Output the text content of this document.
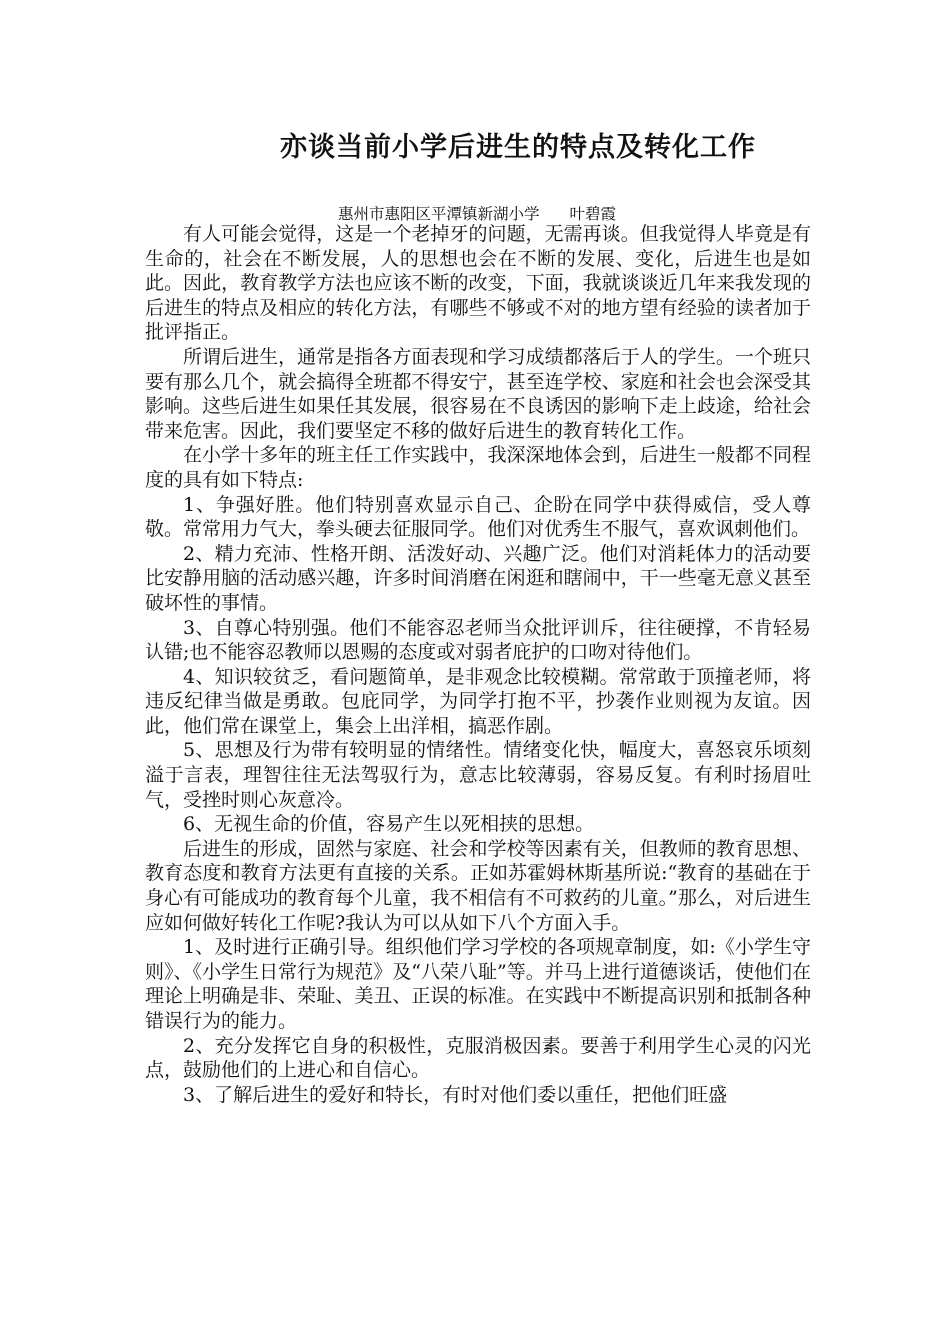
亦谈当前小学后进生的特点及转化工作
惠州市惠阳区平潭镇新湖小学 叶碧霞

有人可能会觉得，这是一个老掉牙的问题，无需再谈。但我觉得人毕竟是有生命的，社会在不断发展，人的思想也会在不断的发展、变化，后进生也是如此。因此，教育教学方法也应该不断的改变，下面，我就谈谈近几年来我发现的后进生的特点及相应的转化方法，有哪些不够或不对的地方望有经验的读者加于批评指正。

所谓后进生，通常是指各方面表现和学习成绩都落后于人的学生。一个班只要有那么几个，就会搞得全班都不得安宁，甚至连学校、家庭和社会也会深受其影响。这些后进生如果任其发展，很容易在不良诱因的影响下走上歧途，给社会带来危害。因此，我们要坚定不移的做好后进生的教育转化工作。

在小学十多年的班主任工作实践中，我深深地体会到，后进生一般都不同程度的具有如下特点:

1、争强好胜。他们特别喜欢显示自己、企盼在同学中获得威信，受人尊敬。常常用力气大，拳头硬去征服同学。他们对优秀生不服气，喜欢讽刺他们。

2、精力充沛、性格开朗、活泼好动、兴趣广泛。他们对消耗体力的活动要比安静用脑的活动感兴趣，许多时间消磨在闲逛和瞎闹中，干一些毫无意义甚至破坏性的事情。

3、自尊心特别强。他们不能容忍老师当众批评训斥，往往硬撑，不肯轻易认错;也不能容忍教师以恩赐的态度或对弱者庇护的口吻对待他们。

4、知识较贫乏，看问题简单，是非观念比较模糊。常常敢于顶撞老师，将违反纪律当做是勇敢。包庇同学，为同学打抱不平，抄袭作业则视为友谊。因此，他们常在课堂上，集会上出洋相，搞恶作剧。

5、思想及行为带有较明显的情绪性。情绪变化快，幅度大，喜怒哀乐顷刻溢于言表，理智往往无法驾驭行为，意志比较薄弱，容易反复。有利时扬眉吐气，受挫时则心灰意冷。

6、无视生命的价值，容易产生以死相挟的思想。

后进生的形成，固然与家庭、社会和学校等因素有关，但教师的教育思想、教育态度和教育方法更有直接的关系。正如苏霍姆林斯基所说:“教育的基础在于身心有可能成功的教育每个儿童，我不相信有不可救药的儿童。”那么，对后进生应如何做好转化工作呢?我认为可以从如下八个方面入手。

1、及时进行正确引导。组织他们学习学校的各项规章制度，如:《小学生守则》、《小学生日常行为规范》及“八荣八耻”等。并马上进行道德谈话，使他们在理论上明确是非、荣耻、美丑、正误的标准。在实践中不断提高识别和抵制各种错误行为的能力。

2、充分发挥它自身的积极性，克服消极因素。要善于利用学生心灵的闪光点，鼓励他们的上进心和自信心。

3、了解后进生的爱好和特长，有时对他们委以重任，把他们旺盛
